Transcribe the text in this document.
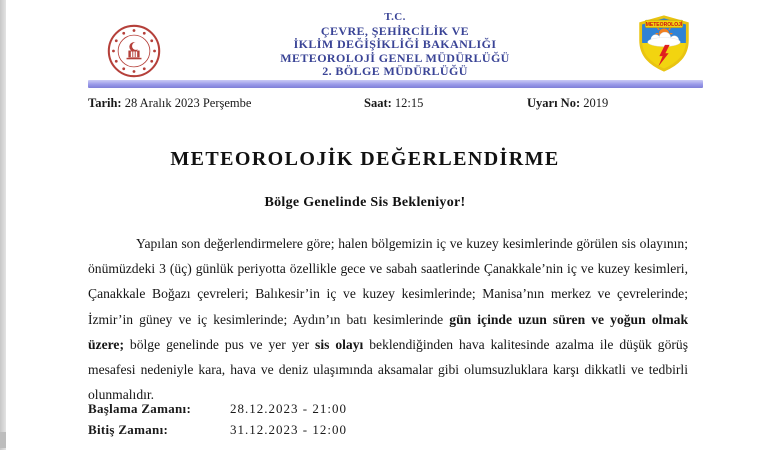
T.C.
ÇEVRE, ŞEHİRCİLİK VE
İKLİM DEĞİŞİKLİĞİ BAKANLIĞI
METEOROLOJİ GENEL MÜDÜRLÜĞÜ
2. BÖLGE MÜDÜRLÜĞÜ
METEOROLOJİ
Tarih: 28 Aralık 2023 Perşembe	Saat: 12:15	Uyarı No: 2019
METEOROLOJİK DEĞERLENDİRME
Bölge Genelinde Sis Bekleniyor!
Yapılan son değerlendirmelere göre; halen bölgemizin iç ve kuzey kesimlerinde görülen sis olayının; önümüzdeki 3 (üç) günlük periyotta özellikle gece ve sabah saatlerinde Çanakkale’nin iç ve kuzey kesimleri, Çanakkale Boğazı çevreleri; Balıkesir’in iç ve kuzey kesimlerinde; Manisa’nın merkez ve çevrelerinde; İzmir’in güney ve iç kesimlerinde; Aydın’ın batı kesimlerinde gün içinde uzun süren ve yoğun olmak üzere; bölge genelinde pus ve yer yer sis olayı beklendiğinden hava kalitesinde azalma ile düşük görüş mesafesi nedeniyle kara, hava ve deniz ulaşımında aksamalar gibi olumsuzluklara karşı dikkatli ve tedbirli olunmalıdır.
Başlama Zamanı:	28.12.2023 - 21:00
Bitiş Zamanı:	31.12.2023 - 12:00
